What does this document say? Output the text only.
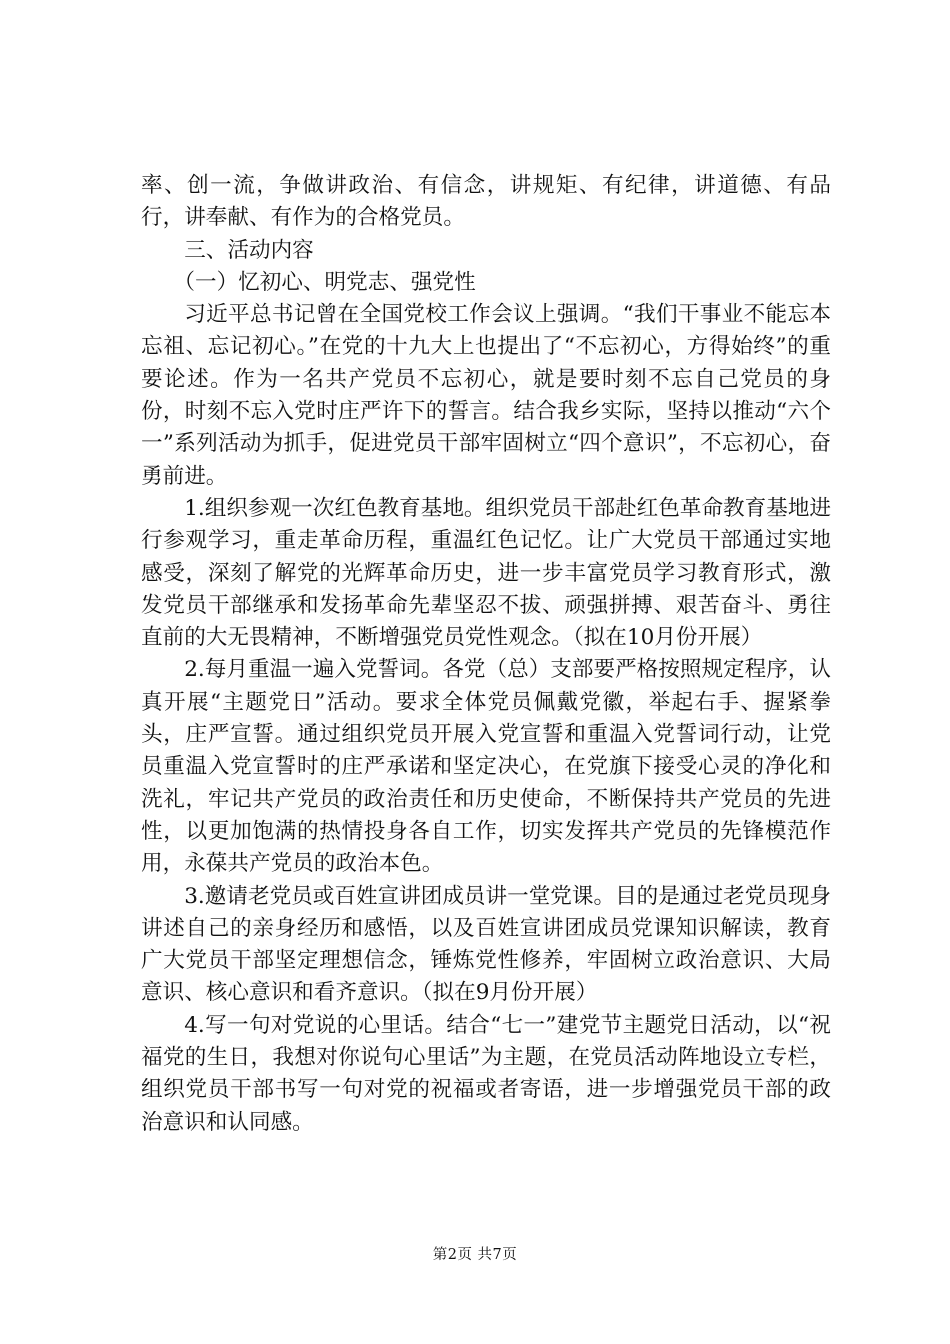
率、创一流，争做讲政治、有信念，讲规矩、有纪律，讲道德、有品行，讲奉献、有作为的合格党员。

三、活动内容

（一）忆初心、明党志、强党性

习近平总书记曾在全国党校工作会议上强调。“我们干事业不能忘本忘祖、忘记初心。”在党的十九大上也提出了“不忘初心，方得始终”的重要论述。作为一名共产党员不忘初心，就是要时刻不忘自己党员的身份，时刻不忘入党时庄严许下的誓言。结合我乡实际，坚持以推动“六个一”系列活动为抓手，促进党员干部牢固树立“四个意识”，不忘初心，奋勇前进。

1.组织参观一次红色教育基地。组织党员干部赴红色革命教育基地进行参观学习，重走革命历程，重温红色记忆。让广大党员干部通过实地感受，深刻了解党的光辉革命历史，进一步丰富党员学习教育形式，激发党员干部继承和发扬革命先辈坚忍不拔、顽强拼搏、艰苦奋斗、勇往直前的大无畏精神，不断增强党员党性观念。（拟在10月份开展）

2.每月重温一遍入党誓词。各党（总）支部要严格按照规定程序，认真开展“主题党日”活动。要求全体党员佩戴党徽，举起右手、握紧拳头，庄严宣誓。通过组织党员开展入党宣誓和重温入党誓词行动，让党员重温入党宣誓时的庄严承诺和坚定决心，在党旗下接受心灵的净化和洗礼，牢记共产党员的政治责任和历史使命，不断保持共产党员的先进性，以更加饱满的热情投身各自工作，切实发挥共产党员的先锋模范作用，永葆共产党员的政治本色。

3.邀请老党员或百姓宣讲团成员讲一堂党课。目的是通过老党员现身讲述自己的亲身经历和感悟，以及百姓宣讲团成员党课知识解读，教育广大党员干部坚定理想信念，锤炼党性修养，牢固树立政治意识、大局意识、核心意识和看齐意识。（拟在9月份开展）

4.写一句对党说的心里话。结合“七一”建党节主题党日活动，以“祝福党的生日，我想对你说句心里话”为主题，在党员活动阵地设立专栏，组织党员干部书写一句对党的祝福或者寄语，进一步增强党员干部的政治意识和认同感。

第2页 共7页
